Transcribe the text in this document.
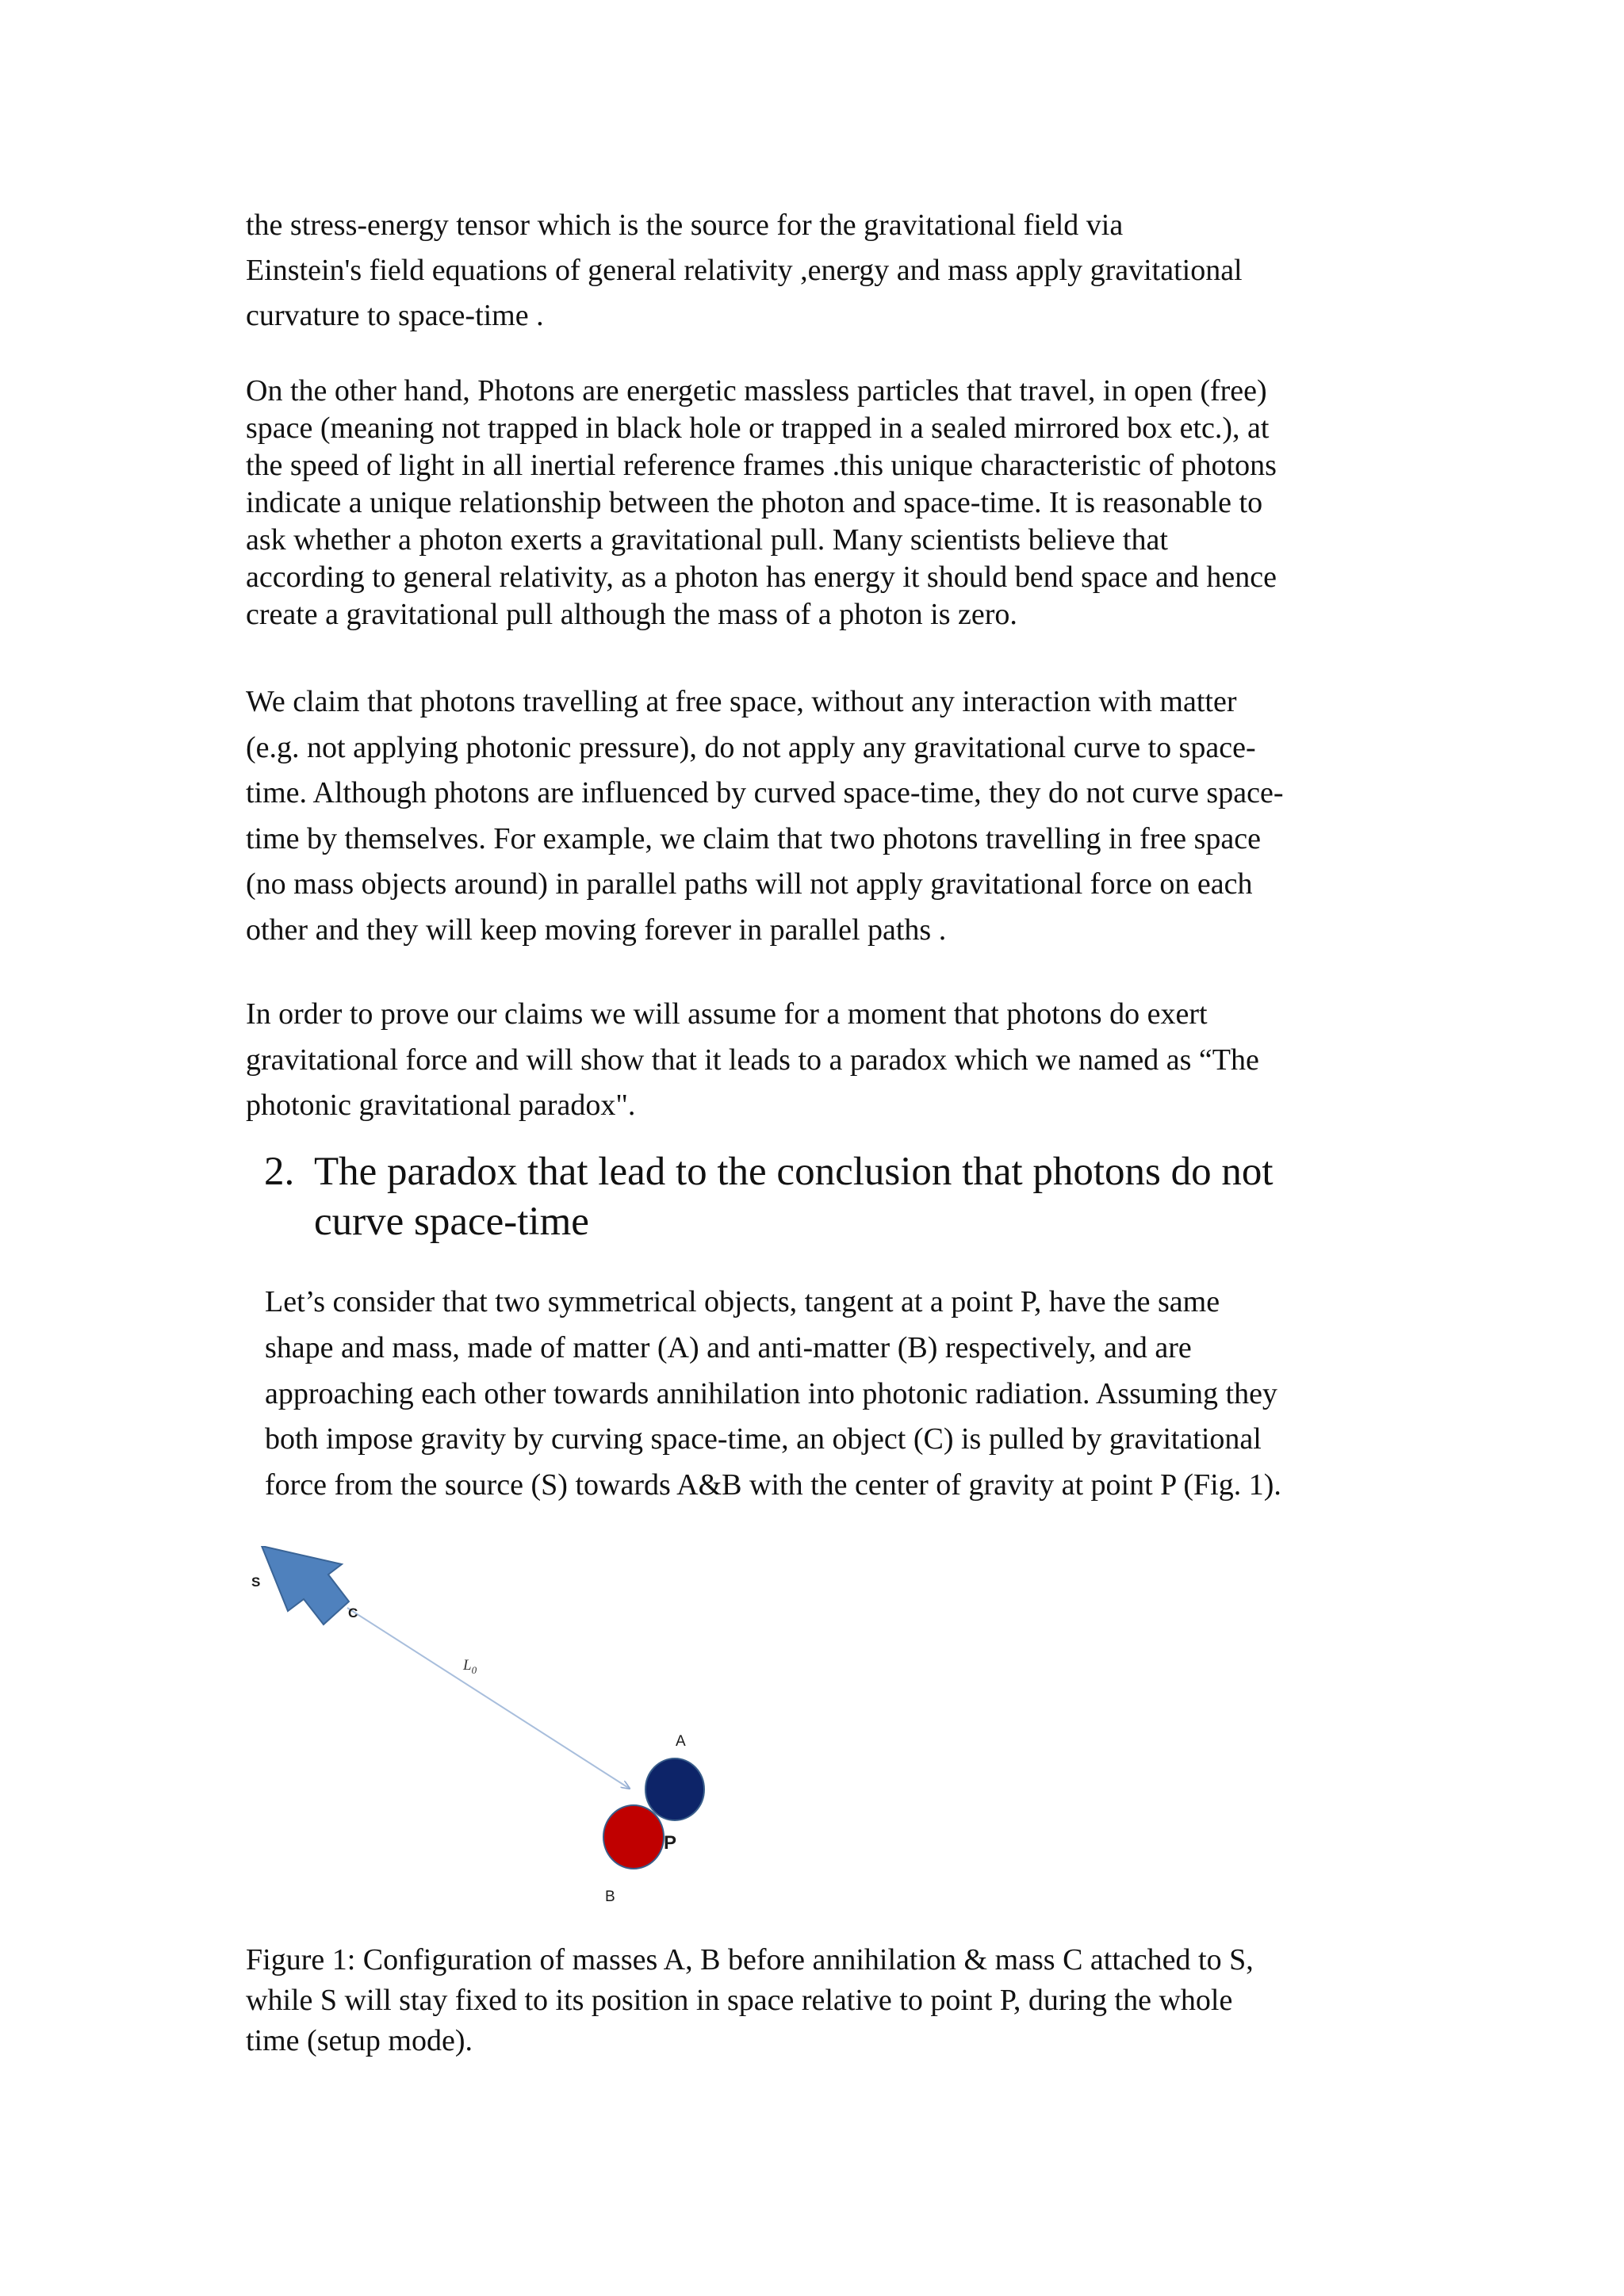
the stress-energy tensor which is the source for the gravitational field via
Einstein's field equations of general relativity ,energy and mass apply gravitational
curvature to space-time .

On the other hand, Photons are energetic massless particles that travel, in open (free)
space (meaning not trapped in black hole or trapped in a sealed mirrored box etc.), at
the speed of light in all inertial reference frames .this unique characteristic of photons
indicate a unique relationship between the photon and space-time. It is reasonable to
ask whether a photon exerts a gravitational pull. Many scientists believe that
according to general relativity, as a photon has energy it should bend space and hence
create a gravitational pull although the mass of a photon is zero.

We claim that photons travelling at free space, without any interaction with matter
(e.g. not applying photonic pressure), do not apply any gravitational curve to space-
time. Although photons are influenced by curved space-time, they do not curve space-
time by themselves. For example, we claim that two photons travelling in free space
(no mass objects around) in parallel paths will not apply gravitational force on each
other and they will keep moving forever in parallel paths .

In order to prove our claims we will assume for a moment that photons do exert
gravitational force and will show that it leads to a paradox which we named as “The
photonic gravitational paradox".

2. The paradox that lead to the conclusion that photons do not
curve space-time

Let’s consider that two symmetrical objects, tangent at a point P, have the same
shape and mass, made of matter (A) and anti-matter (B) respectively, and are
approaching each other towards annihilation into photonic radiation. Assuming they
both impose gravity by curving space-time, an object (C) is pulled by gravitational
force from the source (S) towards A&B with the center of gravity at point P (Fig. 1).

S
C
$L_0$
A
P
B

Figure 1: Configuration of masses A, B before annihilation & mass C attached to S,
while S will stay fixed to its position in space relative to point P, during the whole
time (setup mode).
